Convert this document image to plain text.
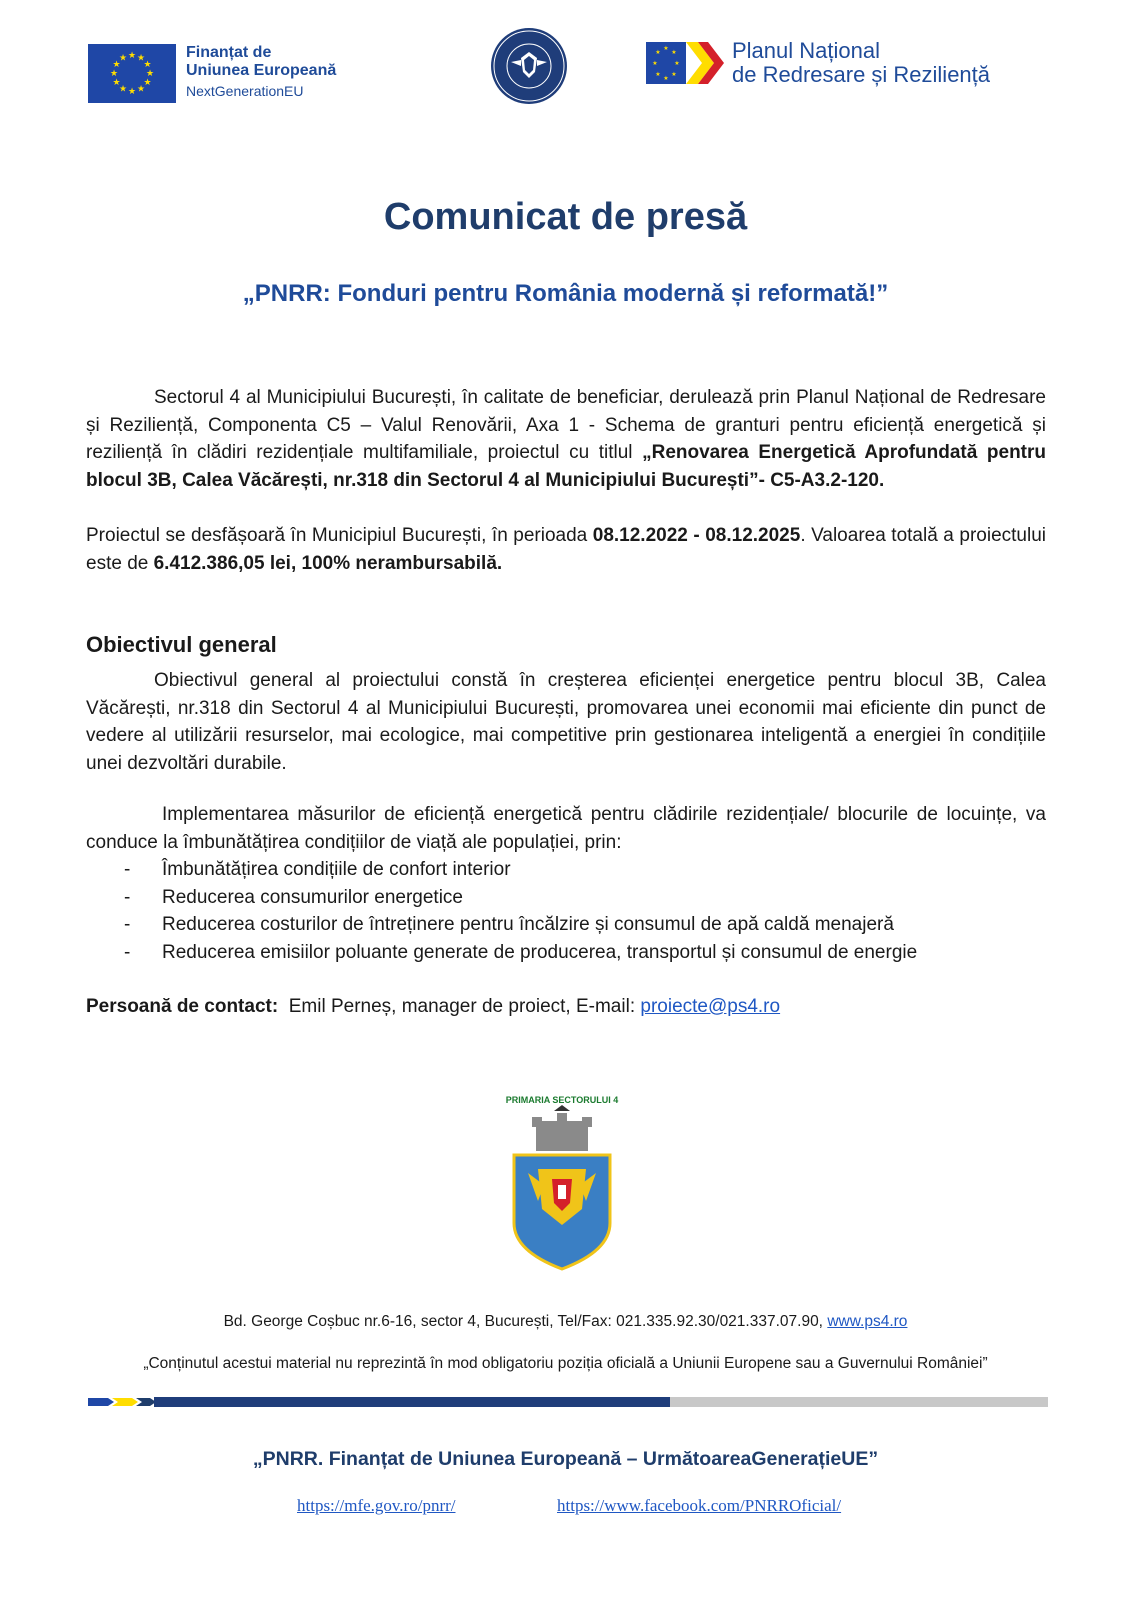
★ ★
★
★
★
★
★
★
★
★
★
★	Finanțat de
Uniunea Europeană
NextGenerationEU
★
★
★
★
★
★
★
★	Planul Național
de Redresare și Reziliență
Comunicat de presă
„PNRR: Fonduri pentru România modernă și reformată!”
Sectorul 4 al Municipiului București, în calitate de beneficiar, derulează prin Planul Național de Redresare și Reziliență, Componenta C5 – Valul Renovării, Axa 1 - Schema de granturi pentru eficiență energetică și reziliență în clădiri rezidențiale multifamiliale, proiectul cu titlul „Renovarea Energetică Aprofundată pentru blocul 3B, Calea Văcărești, nr.318 din Sectorul 4 al Municipiului București”- C5-A3.2-120.
Proiectul se desfășoară în Municipiul București, în perioada 08.12.2022 - 08.12.2025. Valoarea totală a proiectului este de 6.412.386,05 lei, 100% nerambursabilă.
Obiectivul general
Obiectivul general al proiectului constă în creșterea eficienței energetice pentru blocul 3B, Calea Văcărești, nr.318 din Sectorul 4 al Municipiului București, promovarea unei economii mai eficiente din punct de vedere al utilizării resurselor, mai ecologice, mai competitive prin gestionarea inteligentă a energiei în condițiile unei dezvoltări durabile.
Implementarea măsurilor de eficiență energetică pentru clădirile rezidențiale/ blocurile de locuințe, va conduce la îmbunătățirea condițiilor de viață ale populației, prin:
- Îmbunătățirea condițiile de confort interior
- Reducerea consumurilor energetice
- Reducerea costurilor de întreținere pentru încălzire și consumul de apă caldă menajeră
- Reducerea emisiilor poluante generate de producerea, transportul și consumul de energie
Persoană de contact: Emil Perneș, manager de proiect, E-mail: proiecte@ps4.ro
PRIMARIA SECTORULUI 4
Bd. George Coșbuc nr.6-16, sector 4, București, Tel/Fax: 021.335.92.30/021.337.07.90, www.ps4.ro
„Conținutul acestui material nu reprezintă în mod obligatoriu poziția oficială a Uniunii Europene sau a Guvernului României”
„PNRR. Finanțat de Uniunea Europeană – UrmătoareaGenerațieUE”
https://mfe.gov.ro/pnrr/	https://www.facebook.com/PNRROficial/
